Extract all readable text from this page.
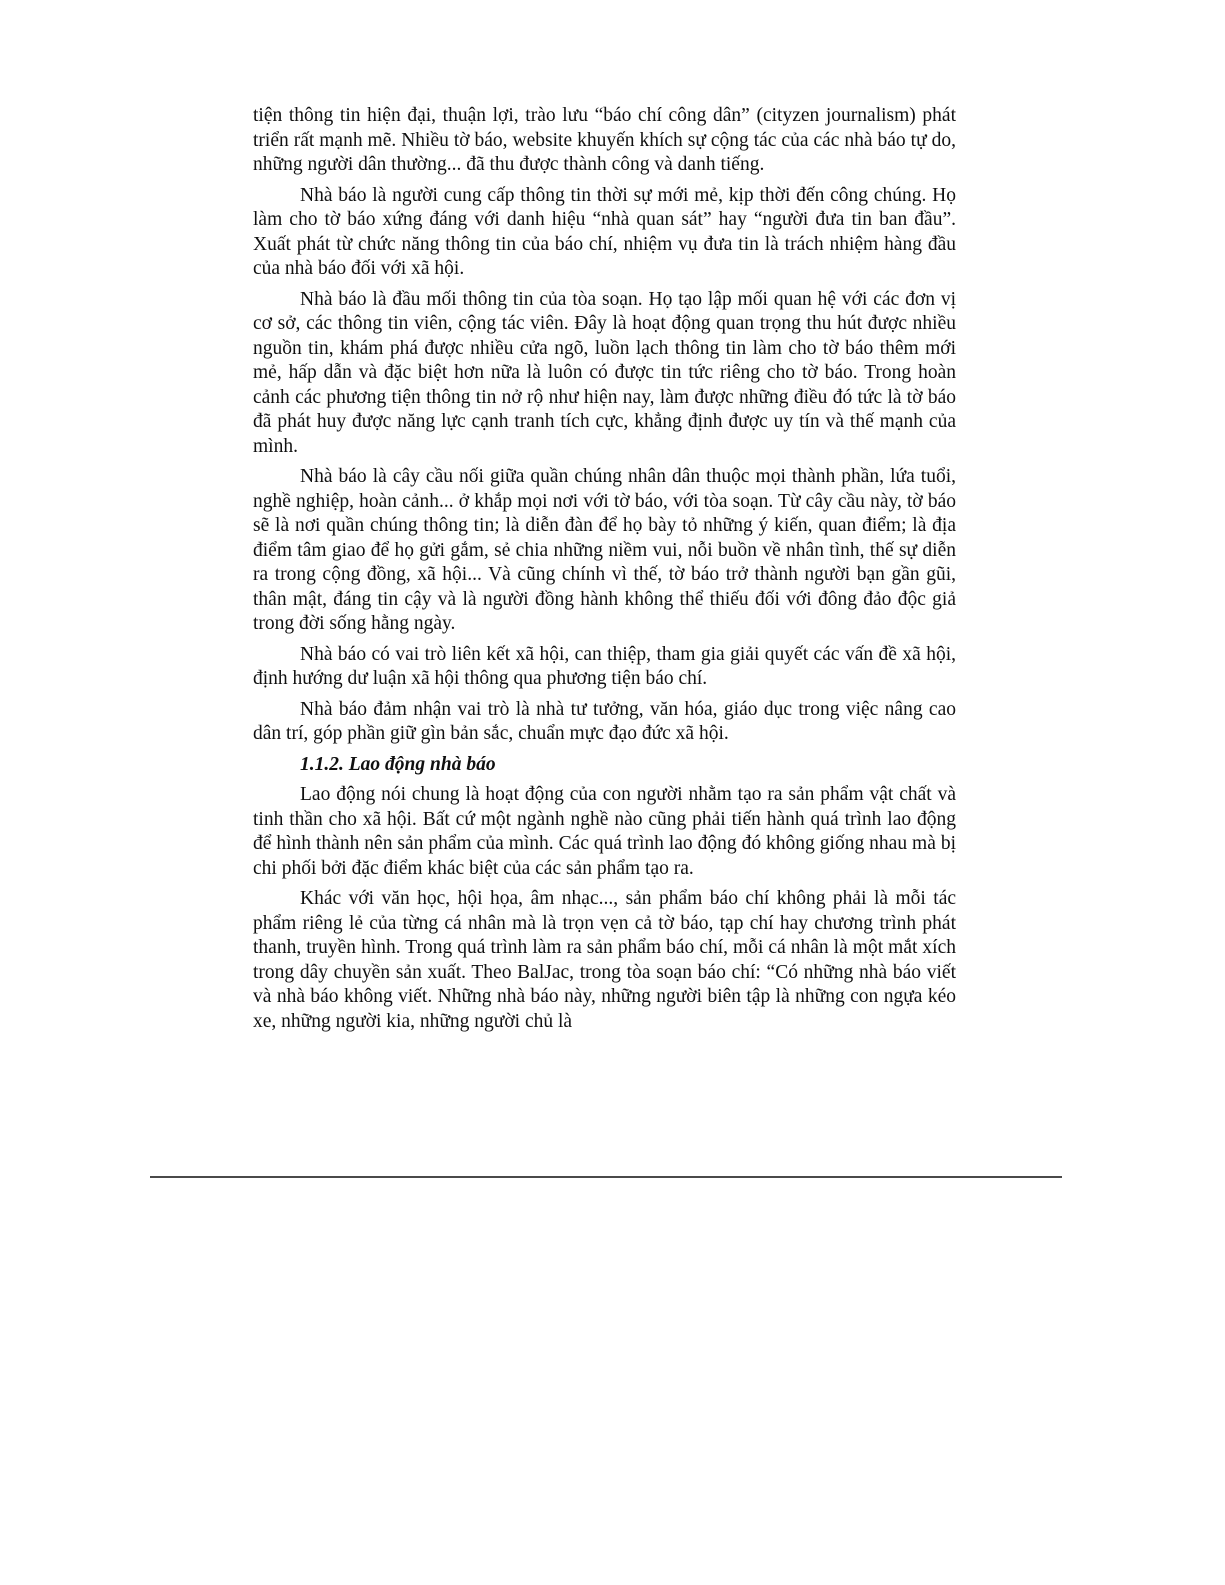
tiện thông tin hiện đại, thuận lợi, trào lưu “báo chí công dân” (cityzen journalism) phát triển rất mạnh mẽ. Nhiều tờ báo, website khuyến khích sự cộng tác của các nhà báo tự do, những người dân thường... đã thu được thành công và danh tiếng.

Nhà báo là người cung cấp thông tin thời sự mới mẻ, kịp thời đến công chúng. Họ làm cho tờ báo xứng đáng với danh hiệu “nhà quan sát” hay “người đưa tin ban đầu”. Xuất phát từ chức năng thông tin của báo chí, nhiệm vụ đưa tin là trách nhiệm hàng đầu của nhà báo đối với xã hội.

Nhà báo là đầu mối thông tin của tòa soạn. Họ tạo lập mối quan hệ với các đơn vị cơ sở, các thông tin viên, cộng tác viên. Đây là hoạt động quan trọng thu hút được nhiều nguồn tin, khám phá được nhiều cửa ngõ, luồn lạch thông tin làm cho tờ báo thêm mới mẻ, hấp dẫn và đặc biệt hơn nữa là luôn có được tin tức riêng cho tờ báo. Trong hoàn cảnh các phương tiện thông tin nở rộ như hiện nay, làm được những điều đó tức là tờ báo đã phát huy được năng lực cạnh tranh tích cực, khẳng định được uy tín và thế mạnh của mình.

Nhà báo là cây cầu nối giữa quần chúng nhân dân thuộc mọi thành phần, lứa tuổi, nghề nghiệp, hoàn cảnh... ở khắp mọi nơi với tờ báo, với tòa soạn. Từ cây cầu này, tờ báo sẽ là nơi quần chúng thông tin; là diễn đàn để họ bày tỏ những ý kiến, quan điểm; là địa điểm tâm giao để họ gửi gắm, sẻ chia những niềm vui, nỗi buồn về nhân tình, thế sự diễn ra trong cộng đồng, xã hội... Và cũng chính vì thế, tờ báo trở thành người bạn gần gũi, thân mật, đáng tin cậy và là người đồng hành không thể thiếu đối với đông đảo độc giả trong đời sống hằng ngày.

Nhà báo có vai trò liên kết xã hội, can thiệp, tham gia giải quyết các vấn đề xã hội, định hướng dư luận xã hội thông qua phương tiện báo chí.

Nhà báo đảm nhận vai trò là nhà tư tưởng, văn hóa, giáo dục trong việc nâng cao dân trí, góp phần giữ gìn bản sắc, chuẩn mực đạo đức xã hội.

1.1.2. Lao động nhà báo

Lao động nói chung là hoạt động của con người nhằm tạo ra sản phẩm vật chất và tinh thần cho xã hội. Bất cứ một ngành nghề nào cũng phải tiến hành quá trình lao động để hình thành nên sản phẩm của mình. Các quá trình lao động đó không giống nhau mà bị chi phối bởi đặc điểm khác biệt của các sản phẩm tạo ra.

Khác với văn học, hội họa, âm nhạc..., sản phẩm báo chí không phải là mỗi tác phẩm riêng lẻ của từng cá nhân mà là trọn vẹn cả tờ báo, tạp chí hay chương trình phát thanh, truyền hình. Trong quá trình làm ra sản phẩm báo chí, mỗi cá nhân là một mắt xích trong dây chuyền sản xuất. Theo BalJac, trong tòa soạn báo chí: “Có những nhà báo viết và nhà báo không viết. Những nhà báo này, những người biên tập là những con ngựa kéo xe, những người kia, những người chủ là
